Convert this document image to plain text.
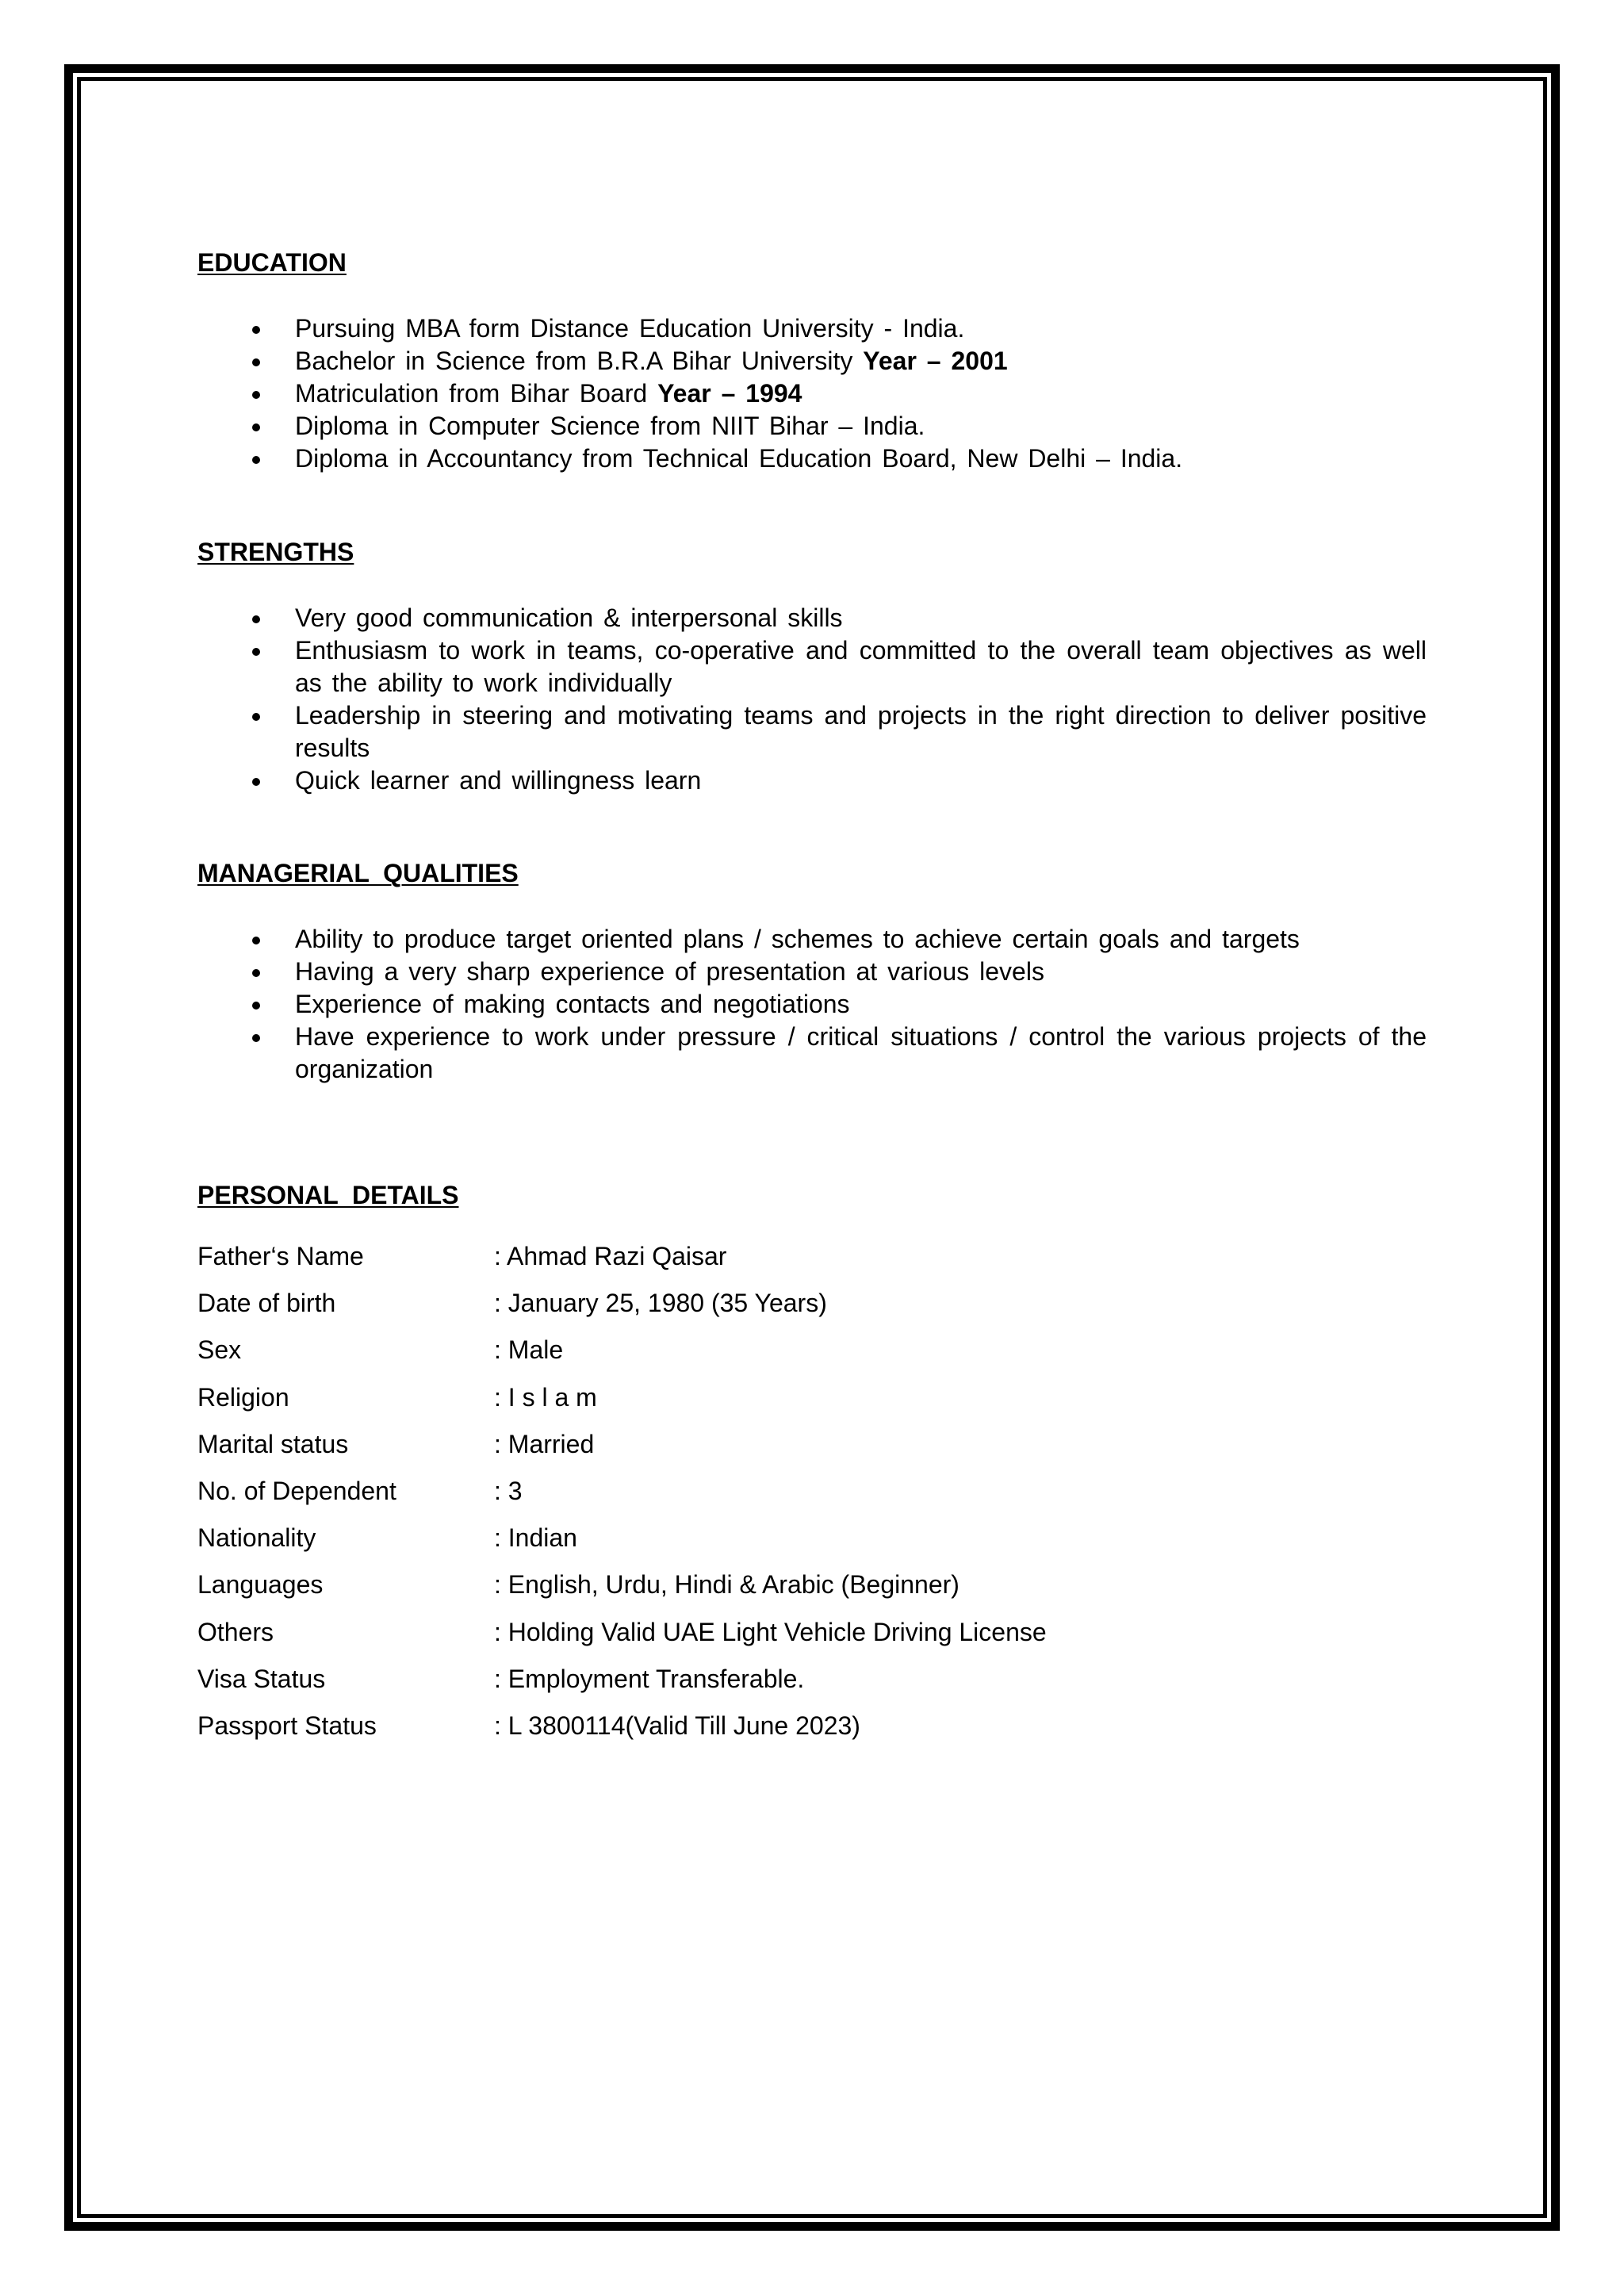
EDUCATION
Pursuing MBA form Distance Education University - India.
Bachelor in Science from B.R.A Bihar University Year – 2001
Matriculation from Bihar Board Year – 1994
Diploma in Computer Science from NIIT Bihar – India.
Diploma in Accountancy from Technical Education Board, New Delhi – India.
STRENGTHS
Very good communication & interpersonal skills
Enthusiasm to work in teams, co-operative and committed to the overall team objectives as well
as the ability to work individually
Leadership in steering and motivating teams and projects in the right direction to deliver positive
results
Quick learner and willingness learn
MANAGERIAL  QUALITIES
Ability to produce target oriented plans / schemes to achieve certain goals and targets
Having a very sharp experience of presentation at various levels
Experience of making contacts and negotiations
Have experience to work under pressure / critical situations / control the various projects of the
organization
PERSONAL  DETAILS
Father‘s Name	: Ahmad Razi Qaisar
Date of birth	: January 25, 1980 (35 Years)
Sex	: Male
Religion	: I s l a m
Marital status	: Married
No. of Dependent	: 3
Nationality	: Indian
Languages	: English, Urdu, Hindi & Arabic (Beginner)
Others	: Holding Valid UAE Light Vehicle Driving License
Visa Status	: Employment Transferable.
Passport Status	: L 3800114(Valid Till June 2023)
